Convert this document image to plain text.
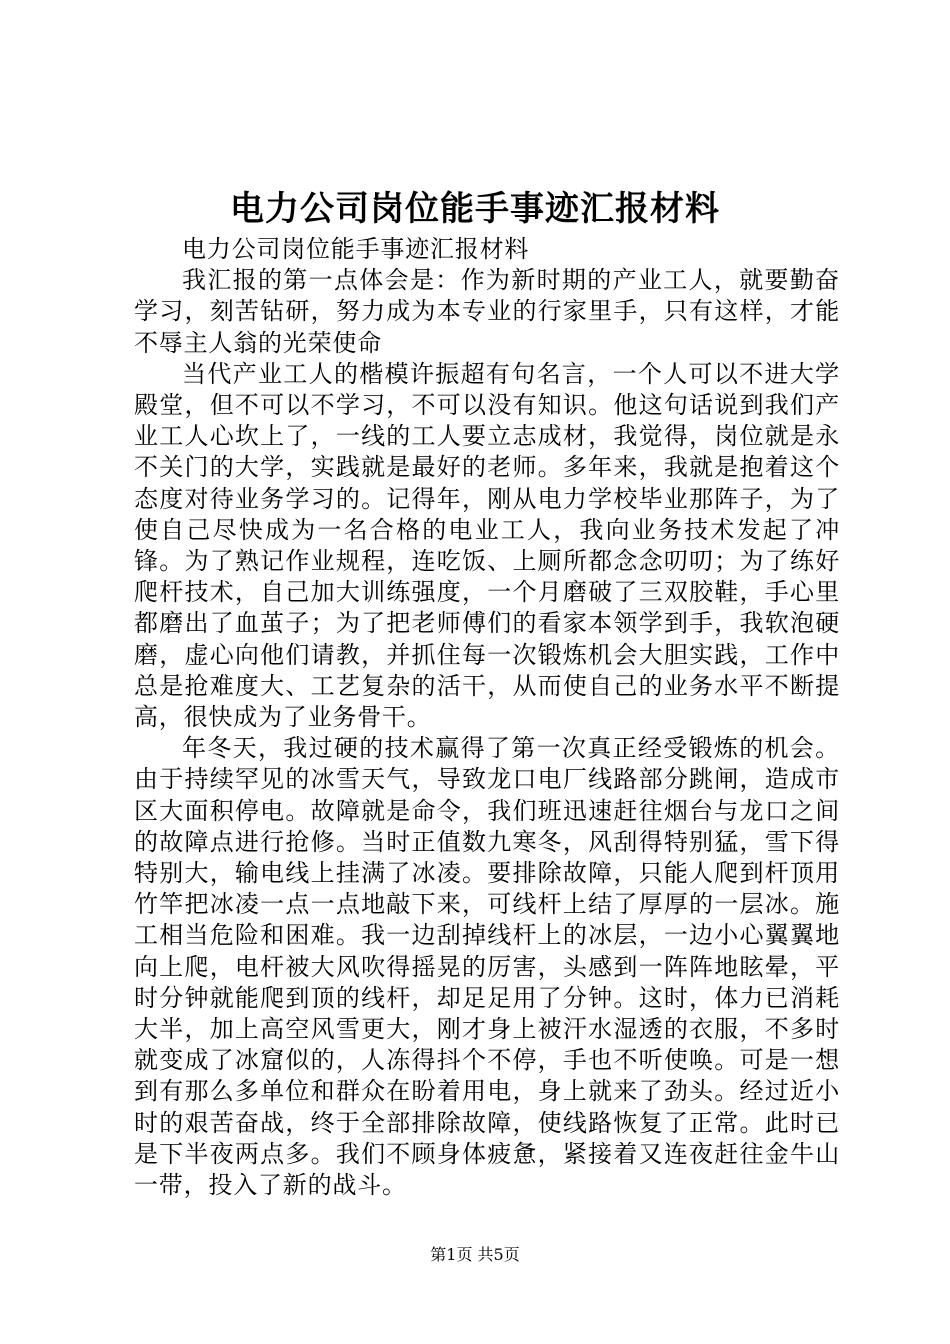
电力公司岗位能手事迹汇报材料

电力公司岗位能手事迹汇报材料

我汇报的第一点体会是：作为新时期的产业工人，就要勤奋学习，刻苦钻研，努力成为本专业的行家里手，只有这样，才能不辱主人翁的光荣使命

当代产业工人的楷模许振超有句名言，一个人可以不进大学殿堂，但不可以不学习，不可以没有知识。他这句话说到我们产业工人心坎上了，一线的工人要立志成材，我觉得，岗位就是永不关门的大学，实践就是最好的老师。多年来，我就是抱着这个态度对待业务学习的。记得年，刚从电力学校毕业那阵子，为了使自己尽快成为一名合格的电业工人，我向业务技术发起了冲锋。为了熟记作业规程，连吃饭、上厕所都念念叨叨；为了练好爬杆技术，自己加大训练强度，一个月磨破了三双胶鞋，手心里都磨出了血茧子；为了把老师傅们的看家本领学到手，我软泡硬磨，虚心向他们请教，并抓住每一次锻炼机会大胆实践，工作中总是抢难度大、工艺复杂的活干，从而使自己的业务水平不断提高，很快成为了业务骨干。

年冬天，我过硬的技术赢得了第一次真正经受锻炼的机会。由于持续罕见的冰雪天气，导致龙口电厂线路部分跳闸，造成市区大面积停电。故障就是命令，我们班迅速赶往烟台与龙口之间的故障点进行抢修。当时正值数九寒冬，风刮得特别猛，雪下得特别大，输电线上挂满了冰凌。要排除故障，只能人爬到杆顶用竹竿把冰凌一点一点地敲下来，可线杆上结了厚厚的一层冰。施工相当危险和困难。我一边刮掉线杆上的冰层，一边小心翼翼地向上爬，电杆被大风吹得摇晃的厉害，头感到一阵阵地眩晕，平时分钟就能爬到顶的线杆，却足足用了分钟。这时，体力已消耗大半，加上高空风雪更大，刚才身上被汗水湿透的衣服，不多时就变成了冰窟似的，人冻得抖个不停，手也不听使唤。可是一想到有那么多单位和群众在盼着用电，身上就来了劲头。经过近小时的艰苦奋战，终于全部排除故障，使线路恢复了正常。此时已是下半夜两点多。我们不顾身体疲惫，紧接着又连夜赶往金牛山一带，投入了新的战斗。

第1页 共5页
